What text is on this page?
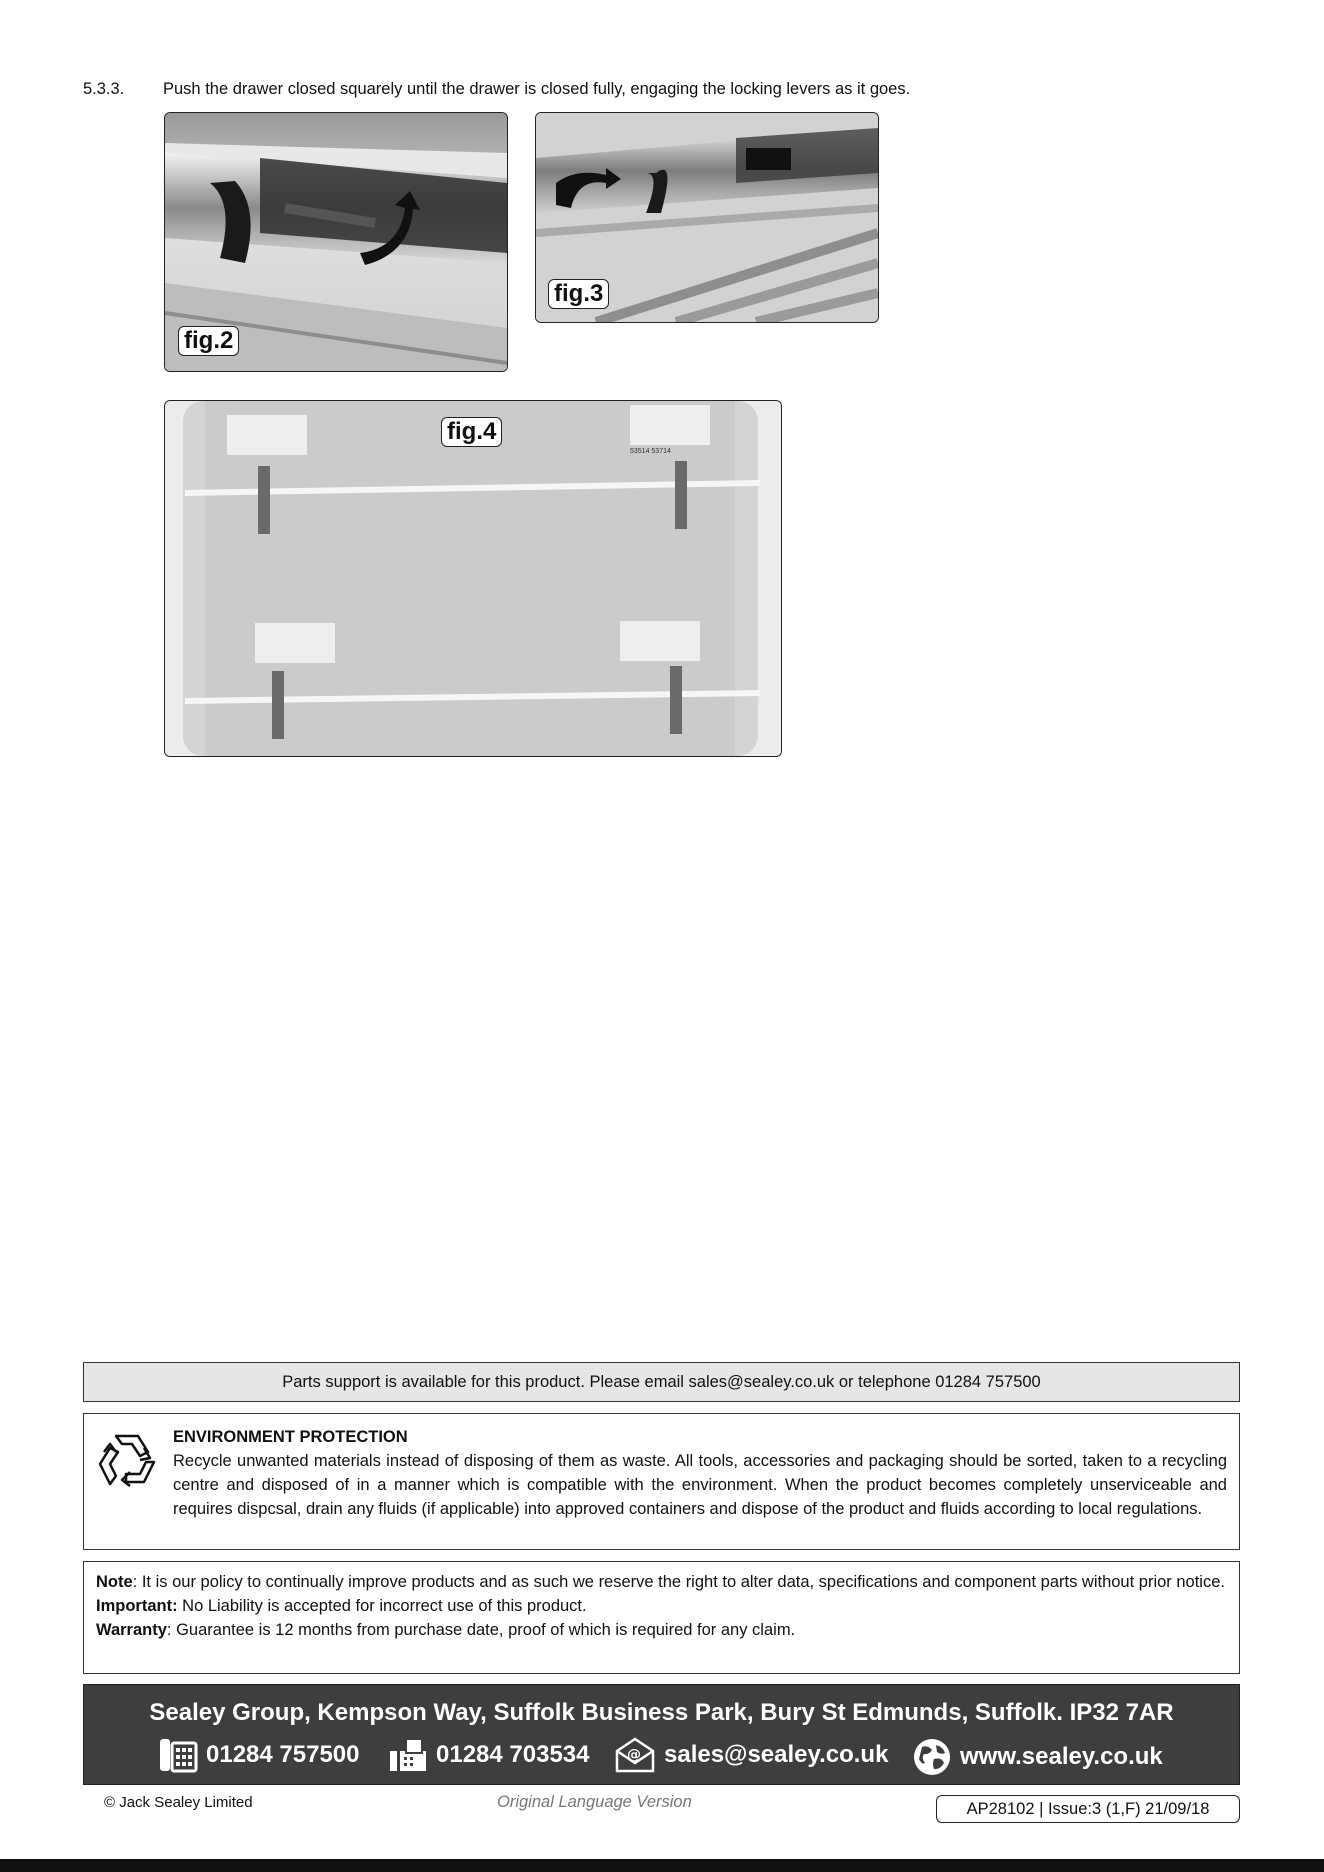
5.3.3. Push the drawer closed squarely until the drawer is closed fully, engaging the locking levers as it goes.
fig.2
fig.3
53514 53714
fig.4
Parts support is available for this product. Please email sales@sealey.co.uk or telephone 01284 757500
ENVIRONMENT PROTECTION
Recycle unwanted materials instead of disposing of them as waste. All tools, accessories and packaging should be sorted, taken to a recycling centre and disposed of in a manner which is compatible with the environment. When the product becomes completely unserviceable and requires dispcsal, drain any fluids (if applicable) into approved containers and dispose of the product and fluids according to local regulations.
Note: It is our policy to continually improve products and as such we reserve the right to alter data, specifications and component parts without prior notice.
Important: No Liability is accepted for incorrect use of this product.
Warranty: Guarantee is 12 months from purchase date, proof of which is required for any claim.
Sealey Group, Kempson Way, Suffolk Business Park, Bury St Edmunds, Suffolk. IP32 7AR
01284 757500	01284 703534	@ sales@sealey.co.uk	www.sealey.co.uk
© Jack Sealey Limited	Original Language Version	AP28102 | Issue:3 (1,F) 21/09/18
